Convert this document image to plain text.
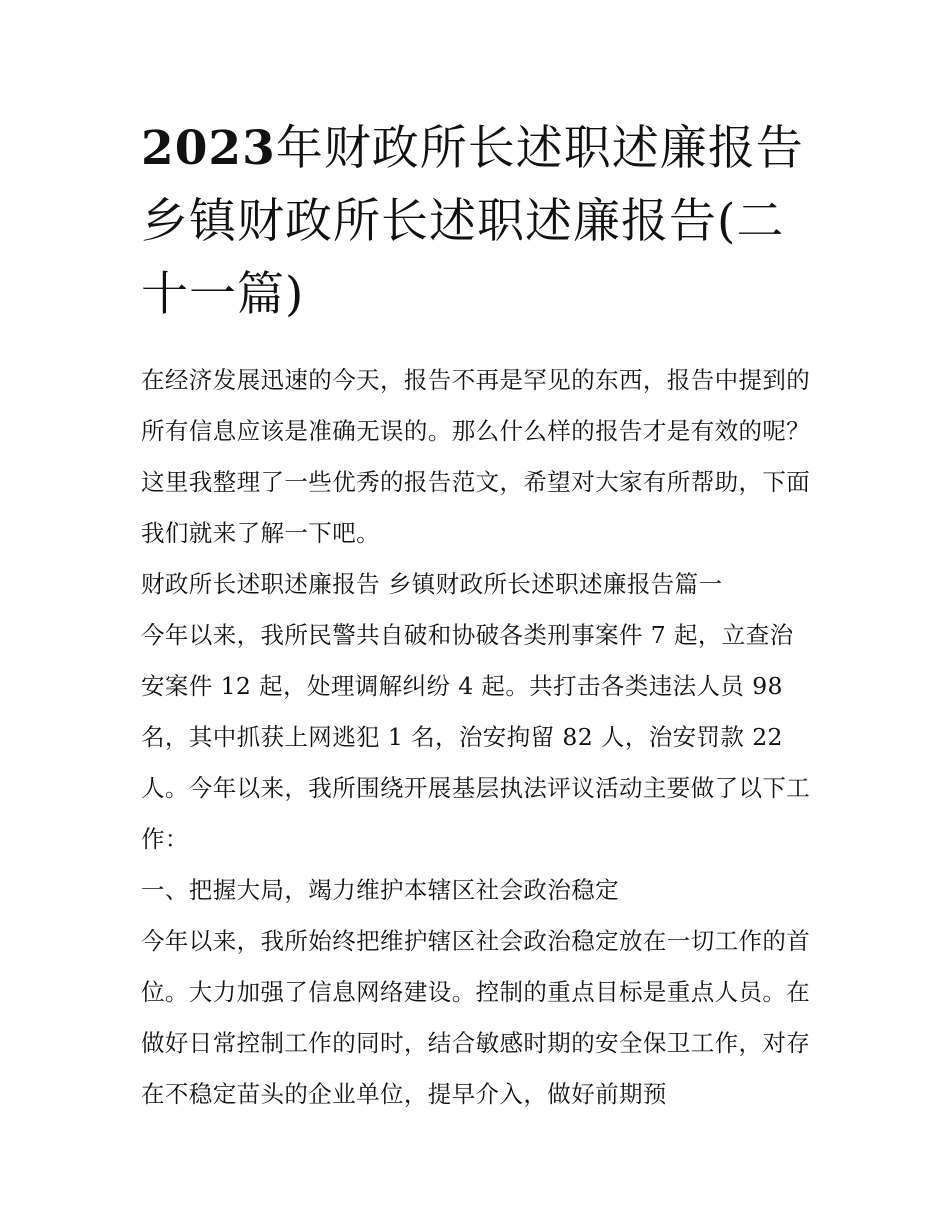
2023年财政所长述职述廉报告乡镇财政所长述职述廉报告(二十一篇)

在经济发展迅速的今天，报告不再是罕见的东西，报告中提到的所有信息应该是准确无误的。那么什么样的报告才是有效的呢？这里我整理了一些优秀的报告范文，希望对大家有所帮助，下面我们就来了解一下吧。

财政所长述职述廉报告 乡镇财政所长述职述廉报告篇一

今年以来，我所民警共自破和协破各类刑事案件 7 起，立查治安案件 12 起，处理调解纠纷 4 起。共打击各类违法人员 98 名，其中抓获上网逃犯 1 名，治安拘留 82 人，治安罚款 22 人。今年以来，我所围绕开展基层执法评议活动主要做了以下工作：

一、把握大局，竭力维护本辖区社会政治稳定

今年以来，我所始终把维护辖区社会政治稳定放在一切工作的首位。大力加强了信息网络建设。控制的重点目标是重点人员。在做好日常控制工作的同时，结合敏感时期的安全保卫工作，对存在不稳定苗头的企业单位，提早介入，做好前期预
